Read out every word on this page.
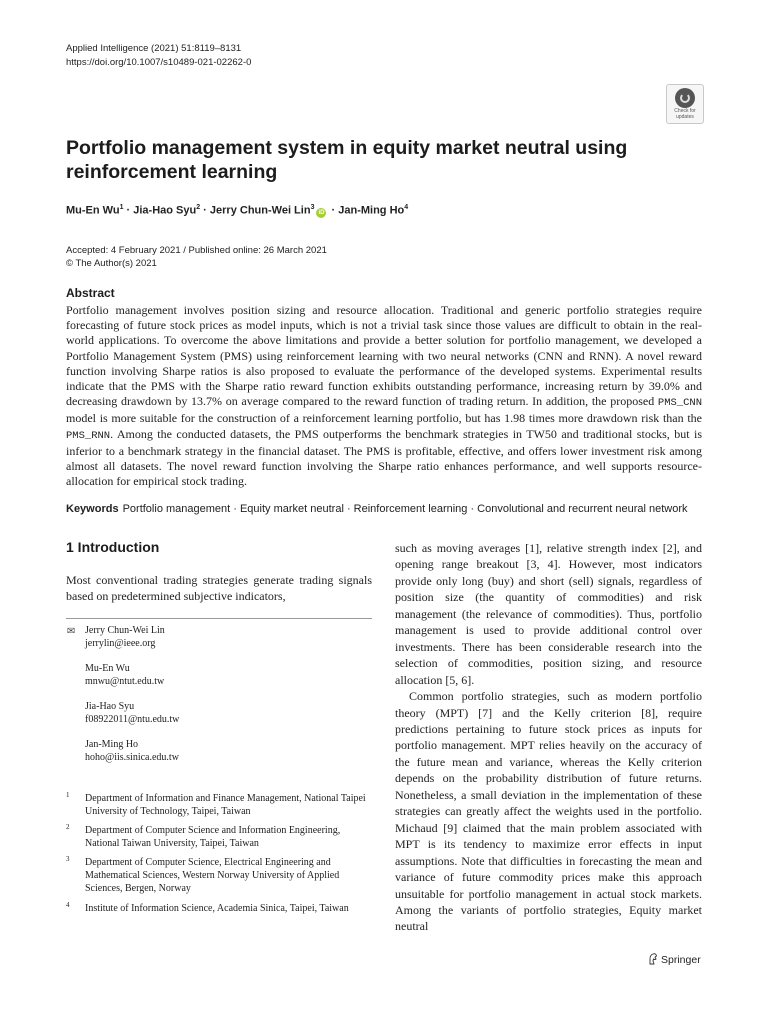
Applied Intelligence (2021) 51:8119–8131
https://doi.org/10.1007/s10489-021-02262-0
Check for
updates
Portfolio management system in equity market neutral using reinforcement learning
Mu-En $Wu^1 \cdot Jia-Hao$ Syu$^2$ · Jerry Chun-Wei Lin$^3$iD · Jan-Ming Ho$^4$
Accepted: 4 February 2021 / Published online: 26 March 2021
© The Author(s) 2021
Abstract

Portfolio management involves position sizing and resource allocation. Traditional and generic portfolio strategies require forecasting of future stock prices as model inputs, which is not a trivial task since those values are difficult to obtain in the real-world applications. To overcome the above limitations and provide a better solution for portfolio management, we developed a Portfolio Management System (PMS) using reinforcement learning with two neural networks (CNN and RNN). A novel reward function involving Sharpe ratios is also proposed to evaluate the performance of the developed systems. Experimental results indicate that the PMS with the Sharpe ratio reward function exhibits outstanding performance, increasing return by 39.0% and decreasing drawdown by 13.7% on average compared to the reward function of trading return. In addition, the proposed PMS_CNN model is more suitable for the construction of a reinforcement learning portfolio, but has 1.98 times more drawdown risk than the PMS_RNN. Among the conducted datasets, the PMS outperforms the benchmark strategies in TW50 and traditional stocks, but is inferior to a benchmark strategy in the financial dataset. The PMS is profitable, effective, and offers lower investment risk among almost all datasets. The novel reward function involving the Sharpe ratio enhances performance, and well supports resource-allocation for empirical stock trading.

Keywords Portfolio management · Equity market neutral · Reinforcement learning · Convolutional and recurrent neural network
1 Introduction

Most conventional trading strategies generate trading signals based on predetermined subjective indicators,

✉ Jerry Chun-Wei Lin
jerrylin@ieee.org
Mu-En Wu
mnwu@ntut.edu.tw
Jia-Hao Syu
f08922011@ntu.edu.tw
Jan-Ming Ho
hoho@iis.sinica.edu.tw
1 Department of Information and Finance Management, National Taipei University of Technology, Taipei, Taiwan
2 Department of Computer Science and Information Engineering, National Taiwan University, Taipei, Taiwan
3 Department of Computer Science, Electrical Engineering and Mathematical Sciences, Western Norway University of Applied Sciences, Bergen, Norway
4 Institute of Information Science, Academia Sinica, Taipei, Taiwan

such as moving averages [1], relative strength index [2], and opening range breakout [3, 4]. However, most indicators provide only long (buy) and short (sell) signals, regardless of position size (the quantity of commodities) and risk management (the relevance of commodities). Thus, portfolio management is used to provide additional control over investments. There has been considerable research into the selection of commodities, position sizing, and resource allocation [5, 6].

Common portfolio strategies, such as modern portfolio theory (MPT) [7] and the Kelly criterion [8], require predictions pertaining to future stock prices as inputs for portfolio management. MPT relies heavily on the accuracy of the future mean and variance, whereas the Kelly criterion depends on the probability distribution of future returns. Nonetheless, a small deviation in the implementation of these strategies can greatly affect the weights used in the portfolio. Michaud [9] claimed that the main problem associated with MPT is its tendency to maximize error effects in input assumptions. Note that difficulties in forecasting the mean and variance of future commodity prices make this approach unsuitable for portfolio management in actual stock markets. Among the variants of portfolio strategies, Equity market neutral

Springer
